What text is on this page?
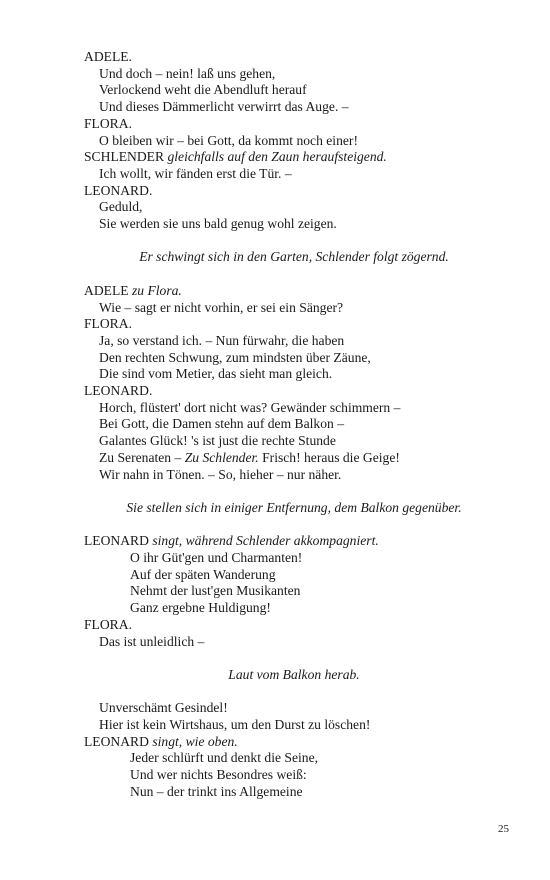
ADELE.
Und doch – nein! laß uns gehen,
Verlockend weht die Abendluft herauf
Und dieses Dämmerlicht verwirrt das Auge. –
FLORA.
O bleiben wir – bei Gott, da kommt noch einer!
SCHLENDER gleichfalls auf den Zaun heraufsteigend.
Ich wollt, wir fänden erst die Tür. –
LEONARD.
Geduld,
Sie werden sie uns bald genug wohl zeigen.
Er schwingt sich in den Garten, Schlender folgt zögernd.
ADELE zu Flora.
Wie – sagt er nicht vorhin, er sei ein Sänger?
FLORA.
Ja, so verstand ich. – Nun fürwahr, die haben
Den rechten Schwung, zum mindsten über Zäune,
Die sind vom Metier, das sieht man gleich.
LEONARD.
Horch, flüstert' dort nicht was? Gewänder schimmern –
Bei Gott, die Damen stehn auf dem Balkon –
Galantes Glück! 's ist just die rechte Stunde
Zu Serenaten – Zu Schlender. Frisch! heraus die Geige!
Wir nahn in Tönen. – So, hieher – nur näher.
Sie stellen sich in einiger Entfernung, dem Balkon gegenüber.
LEONARD singt, während Schlender akkompagniert.
O ihr Güt'gen und Charmanten!
Auf der späten Wanderung
Nehmt der lust'gen Musikanten
Ganz ergebne Huldigung!
FLORA.
Das ist unleidlich –
Laut vom Balkon herab.
Unverschämt Gesindel!
Hier ist kein Wirtshaus, um den Durst zu löschen!
LEONARD singt, wie oben.
Jeder schlürft und denkt die Seine,
Und wer nichts Besondres weiß:
Nun – der trinkt ins Allgemeine
25
